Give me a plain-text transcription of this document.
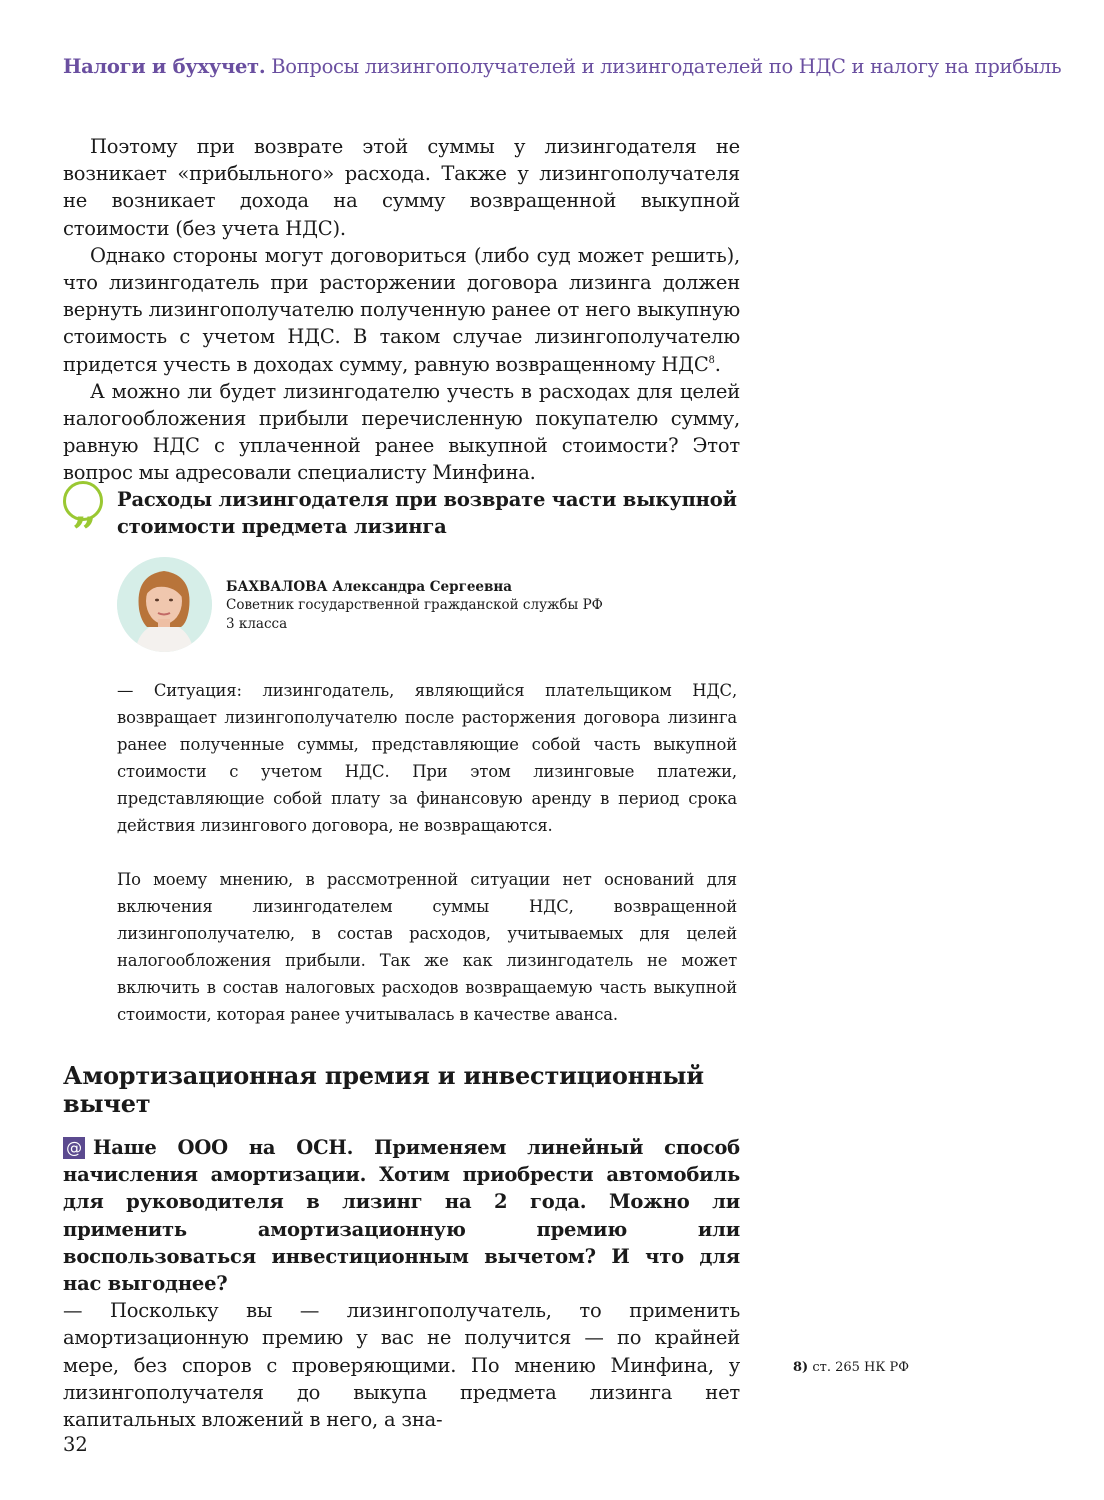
Налоги и бухучет. Вопросы лизингополучателей и лизингодателей по НДС и налогу на прибыль

Поэтому при возврате этой суммы у лизингодателя не возникает «прибыльного» расхода. Также у лизингополучателя не возникает дохода на сумму возвращенной выкупной стоимости (без учета НДС).

Однако стороны могут договориться (либо суд может решить), что лизингодатель при расторжении договора лизинга должен вернуть лизингополучателю полученную ранее от него выкупную стоимость с учетом НДС. В таком случае лизингополучателю придется учесть в доходах сумму, равную возвращенному НДС$^8$.

А можно ли будет лизингодателю учесть в расходах для целей налогообложения прибыли перечисленную покупателю сумму, равную НДС с уплаченной ранее выкупной стоимости? Этот вопрос мы адресовали специалисту Минфина.

„	Расходы лизингодателя при возврате части выкупной стоимости предмета лизинга
БАХВАЛОВА Александра Сергеевна
Советник государственной гражданской службы РФ
3 класса

— Ситуация: лизингодатель, являющийся плательщиком НДС, возвращает лизингополучателю после расторжения договора лизинга ранее полученные суммы, представляющие собой часть выкупной стоимости с учетом НДС. При этом лизинговые платежи, представляющие собой плату за финансовую аренду в период срока действия лизингового договора, не возвращаются.

По моему мнению, в рассмотренной ситуации нет оснований для включения лизингодателем суммы НДС, возвращенной лизингополучателю, в состав расходов, учитываемых для целей налогообложения прибыли. Так же как лизингодатель не может включить в состав налоговых расходов возвращаемую часть выкупной стоимости, которая ранее учитывалась в качестве аванса.

Амортизационная премия и инвестиционный вычет

@ Наше ООО на ОСН. Применяем линейный способ начисления амортизации. Хотим приобрести автомобиль для руководителя в лизинг на 2 года. Можно ли применить амортизационную премию или воспользоваться инвестиционным вычетом? И что для нас выгоднее?

— Поскольку вы — лизингополучатель, то применить амортизационную премию у вас не получится — по крайней мере, без споров с проверяющими. По мнению Минфина, у лизингополучателя до выкупа предмета лизинга нет капитальных вложений в него, а зна-

8) ст. 265 НК РФ
32
